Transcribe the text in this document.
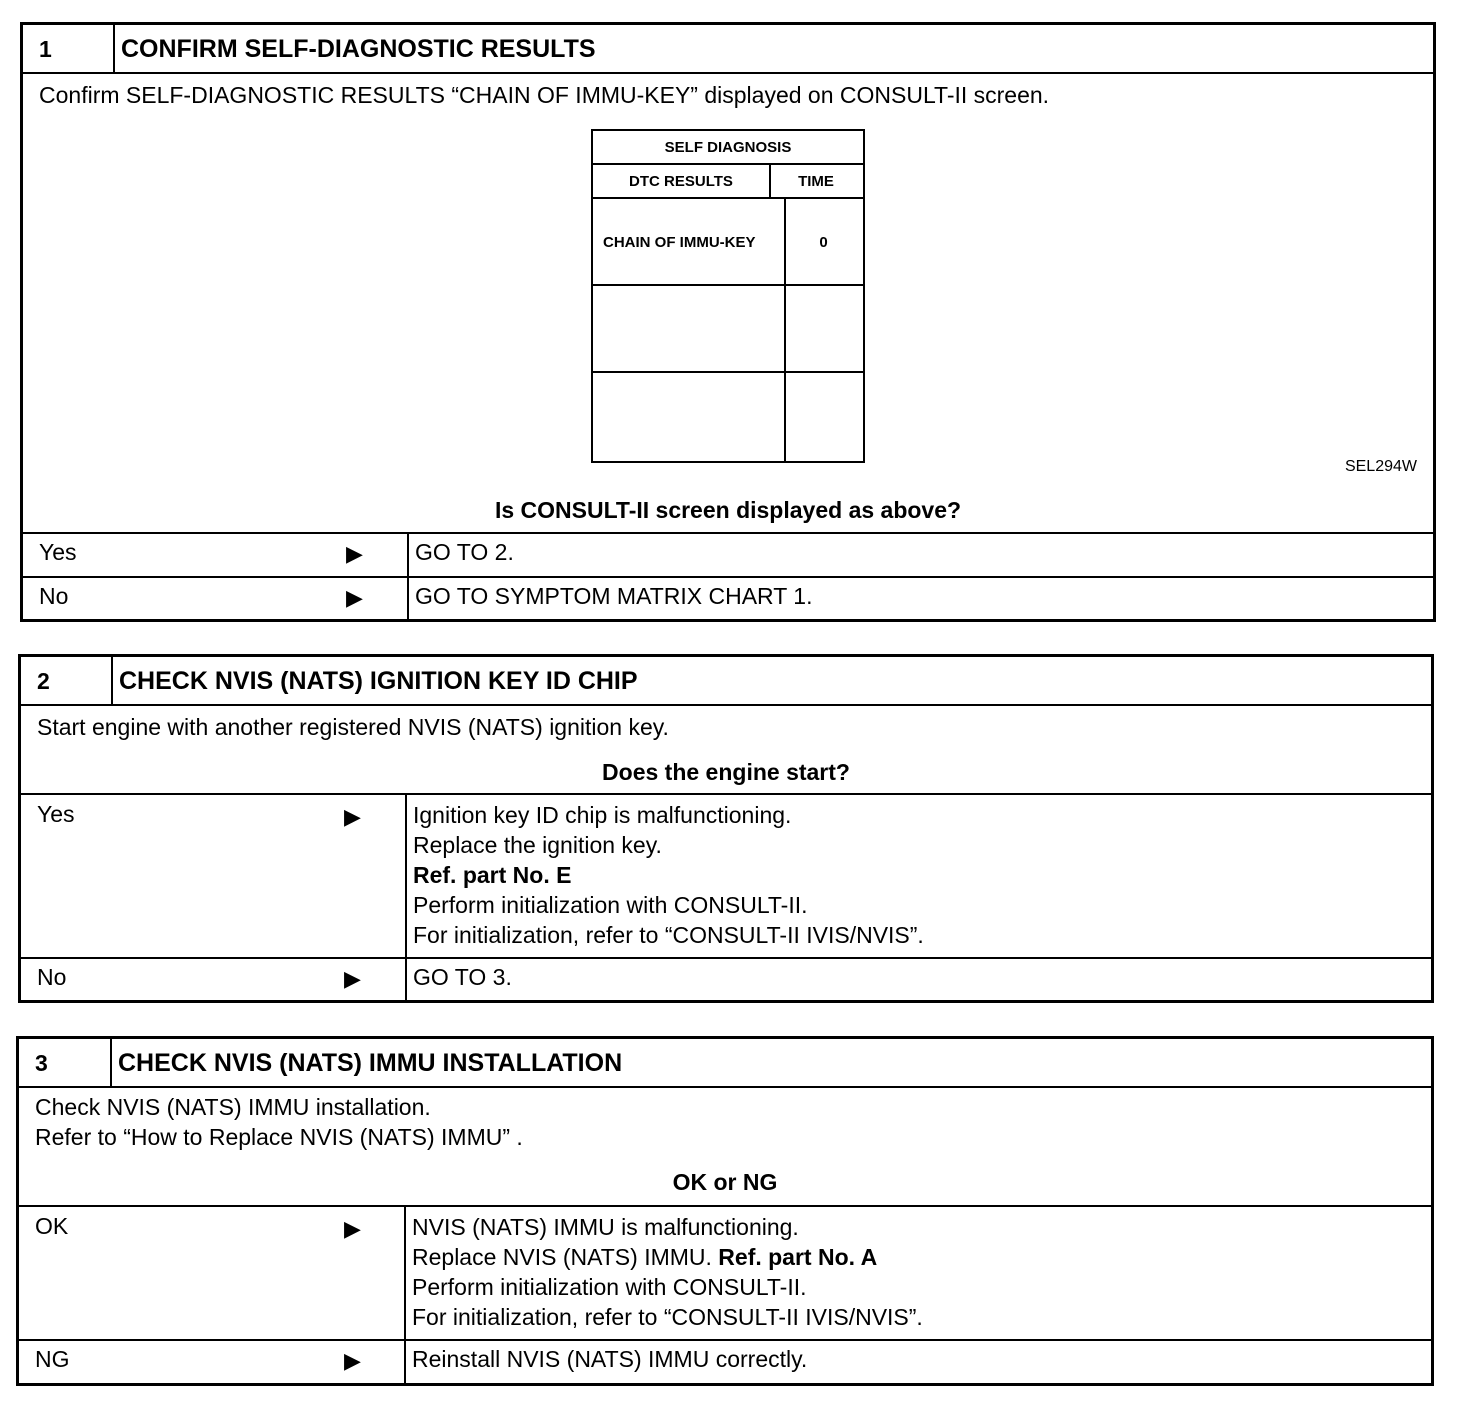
1	CONFIRM SELF-DIAGNOSTIC RESULTS
Confirm SELF-DIAGNOSTIC RESULTS “CHAIN OF IMMU-KEY” displayed on CONSULT-II screen.
SELF DIAGNOSIS
DTC RESULTS	TIME
CHAIN OF IMMU-KEY	0
SEL294W
Is CONSULT-II screen displayed as above?
Yes	▶ GO TO 2.
No	▶ GO TO SYMPTOM MATRIX CHART 1.
2	CHECK NVIS (NATS) IGNITION KEY ID CHIP
Start engine with another registered NVIS (NATS) ignition key.
Does the engine start?
Yes	▶ Ignition key ID chip is malfunctioning.
Replace the ignition key.
Ref. part No. E
Perform initialization with CONSULT-II.
For initialization, refer to “CONSULT-II IVIS/NVIS”.
No	▶ GO TO 3.
3	CHECK NVIS (NATS) IMMU INSTALLATION
Check NVIS (NATS) IMMU installation.
Refer to “How to Replace NVIS (NATS) IMMU” .
OK or NG
OK	▶ NVIS (NATS) IMMU is malfunctioning.
Replace NVIS (NATS) IMMU. Ref. part No. A
Perform initialization with CONSULT-II.
For initialization, refer to “CONSULT-II IVIS/NVIS”.
NG	▶ Reinstall NVIS (NATS) IMMU correctly.
